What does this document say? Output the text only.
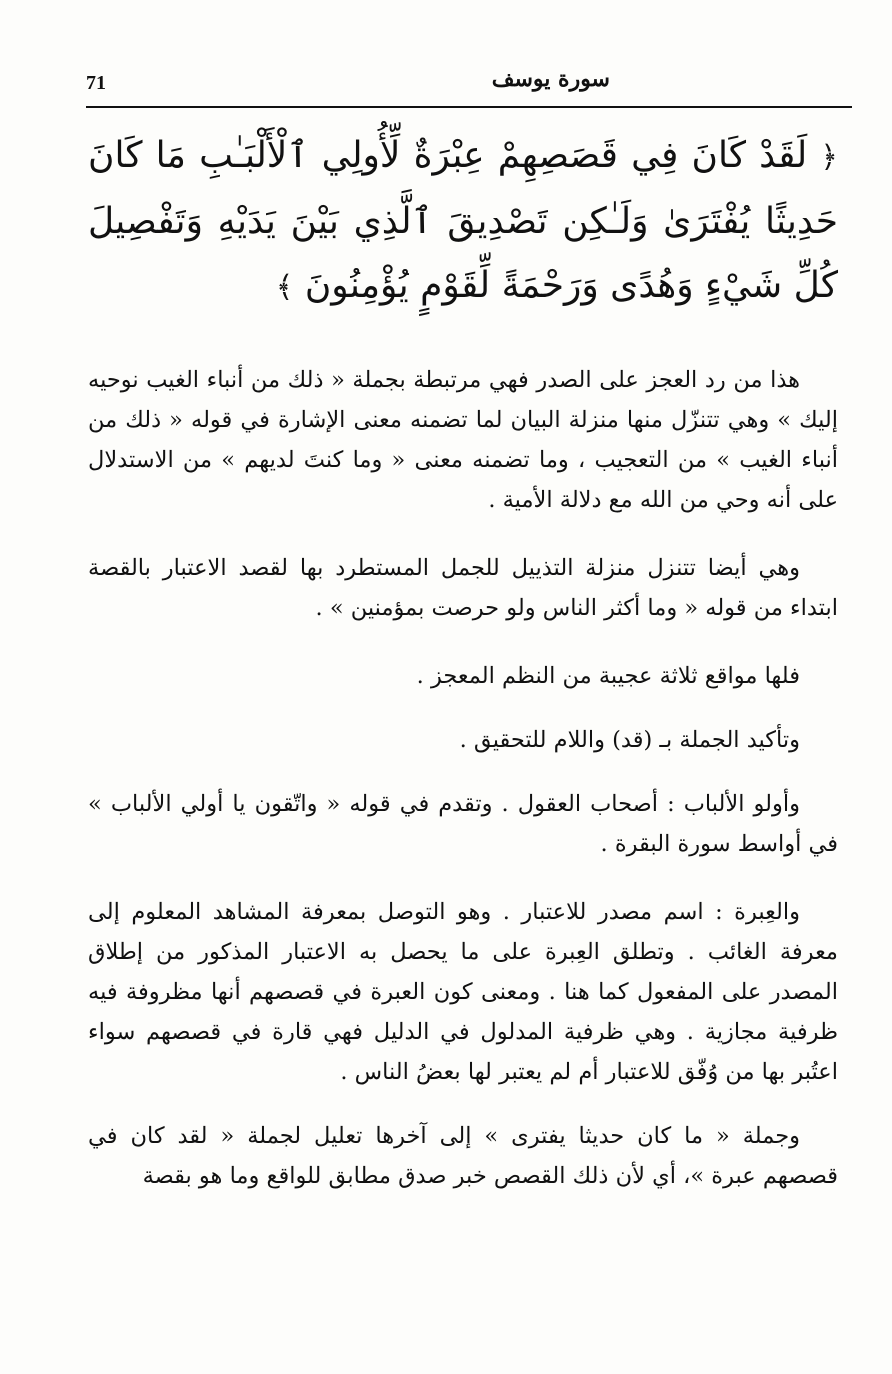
71	سورة يوسف

﴿ لَقَدْ كَانَ فِي قَصَصِهِمْ عِبْرَةٌ لِّأُولِي ٱلْأَلْبَـٰبِ مَا كَانَ حَدِيثًا يُفْتَرَىٰ وَلَـٰكِن تَصْدِيقَ ٱلَّذِي بَيْنَ يَدَيْهِ وَتَفْصِيلَ كُلِّ شَيْءٍ وَهُدًى وَرَحْمَةً لِّقَوْمٍ يُؤْمِنُونَ ﴾

هذا من رد العجز على الصدر فهي مرتبطة بجملة « ذلك من أنباء الغيب نوحيه إليك » وهي تتنزّل منها منزلة البيان لما تضمنه معنى الإشارة في قوله « ذلك من أنباء الغيب » من التعجيب ، وما تضمنه معنى « وما كنتَ لديهم » من الاستدلال على أنه وحي من الله مع دلالة الأمية .

وهي أيضا تتنزل منزلة التذييل للجمل المستطرد بها لقصد الاعتبار بالقصة ابتداء من قوله « وما أكثر الناس ولو حرصت بمؤمنين » .

فلها مواقع ثلاثة عجيبة من النظم المعجز .

وتأكيد الجملة بـ (قد) واللام للتحقيق .

وأولو الألباب : أصحاب العقول . وتقدم في قوله « واتّقون يا أولي الألباب » في أواسط سورة البقرة .

والعِبرة : اسم مصدر للاعتبار . وهو التوصل بمعرفة المشاهد المعلوم إلى معرفة الغائب . وتطلق العِبرة على ما يحصل به الاعتبار المذكور من إطلاق المصدر على المفعول كما هنا . ومعنى كون العبرة في قصصهم أنها مظروفة فيه ظرفية مجازية . وهي ظرفية المدلول في الدليل فهي قارة في قصصهم سواء اعتُبر بها من وُفّق للاعتبار أم لم يعتبر لها بعضُ الناس .

وجملة « ما كان حديثا يفترى » إلى آخرها تعليل لجملة « لقد كان في قصصهم عبرة »، أي لأن ذلك القصص خبر صدق مطابق للواقع وما هو بقصة
